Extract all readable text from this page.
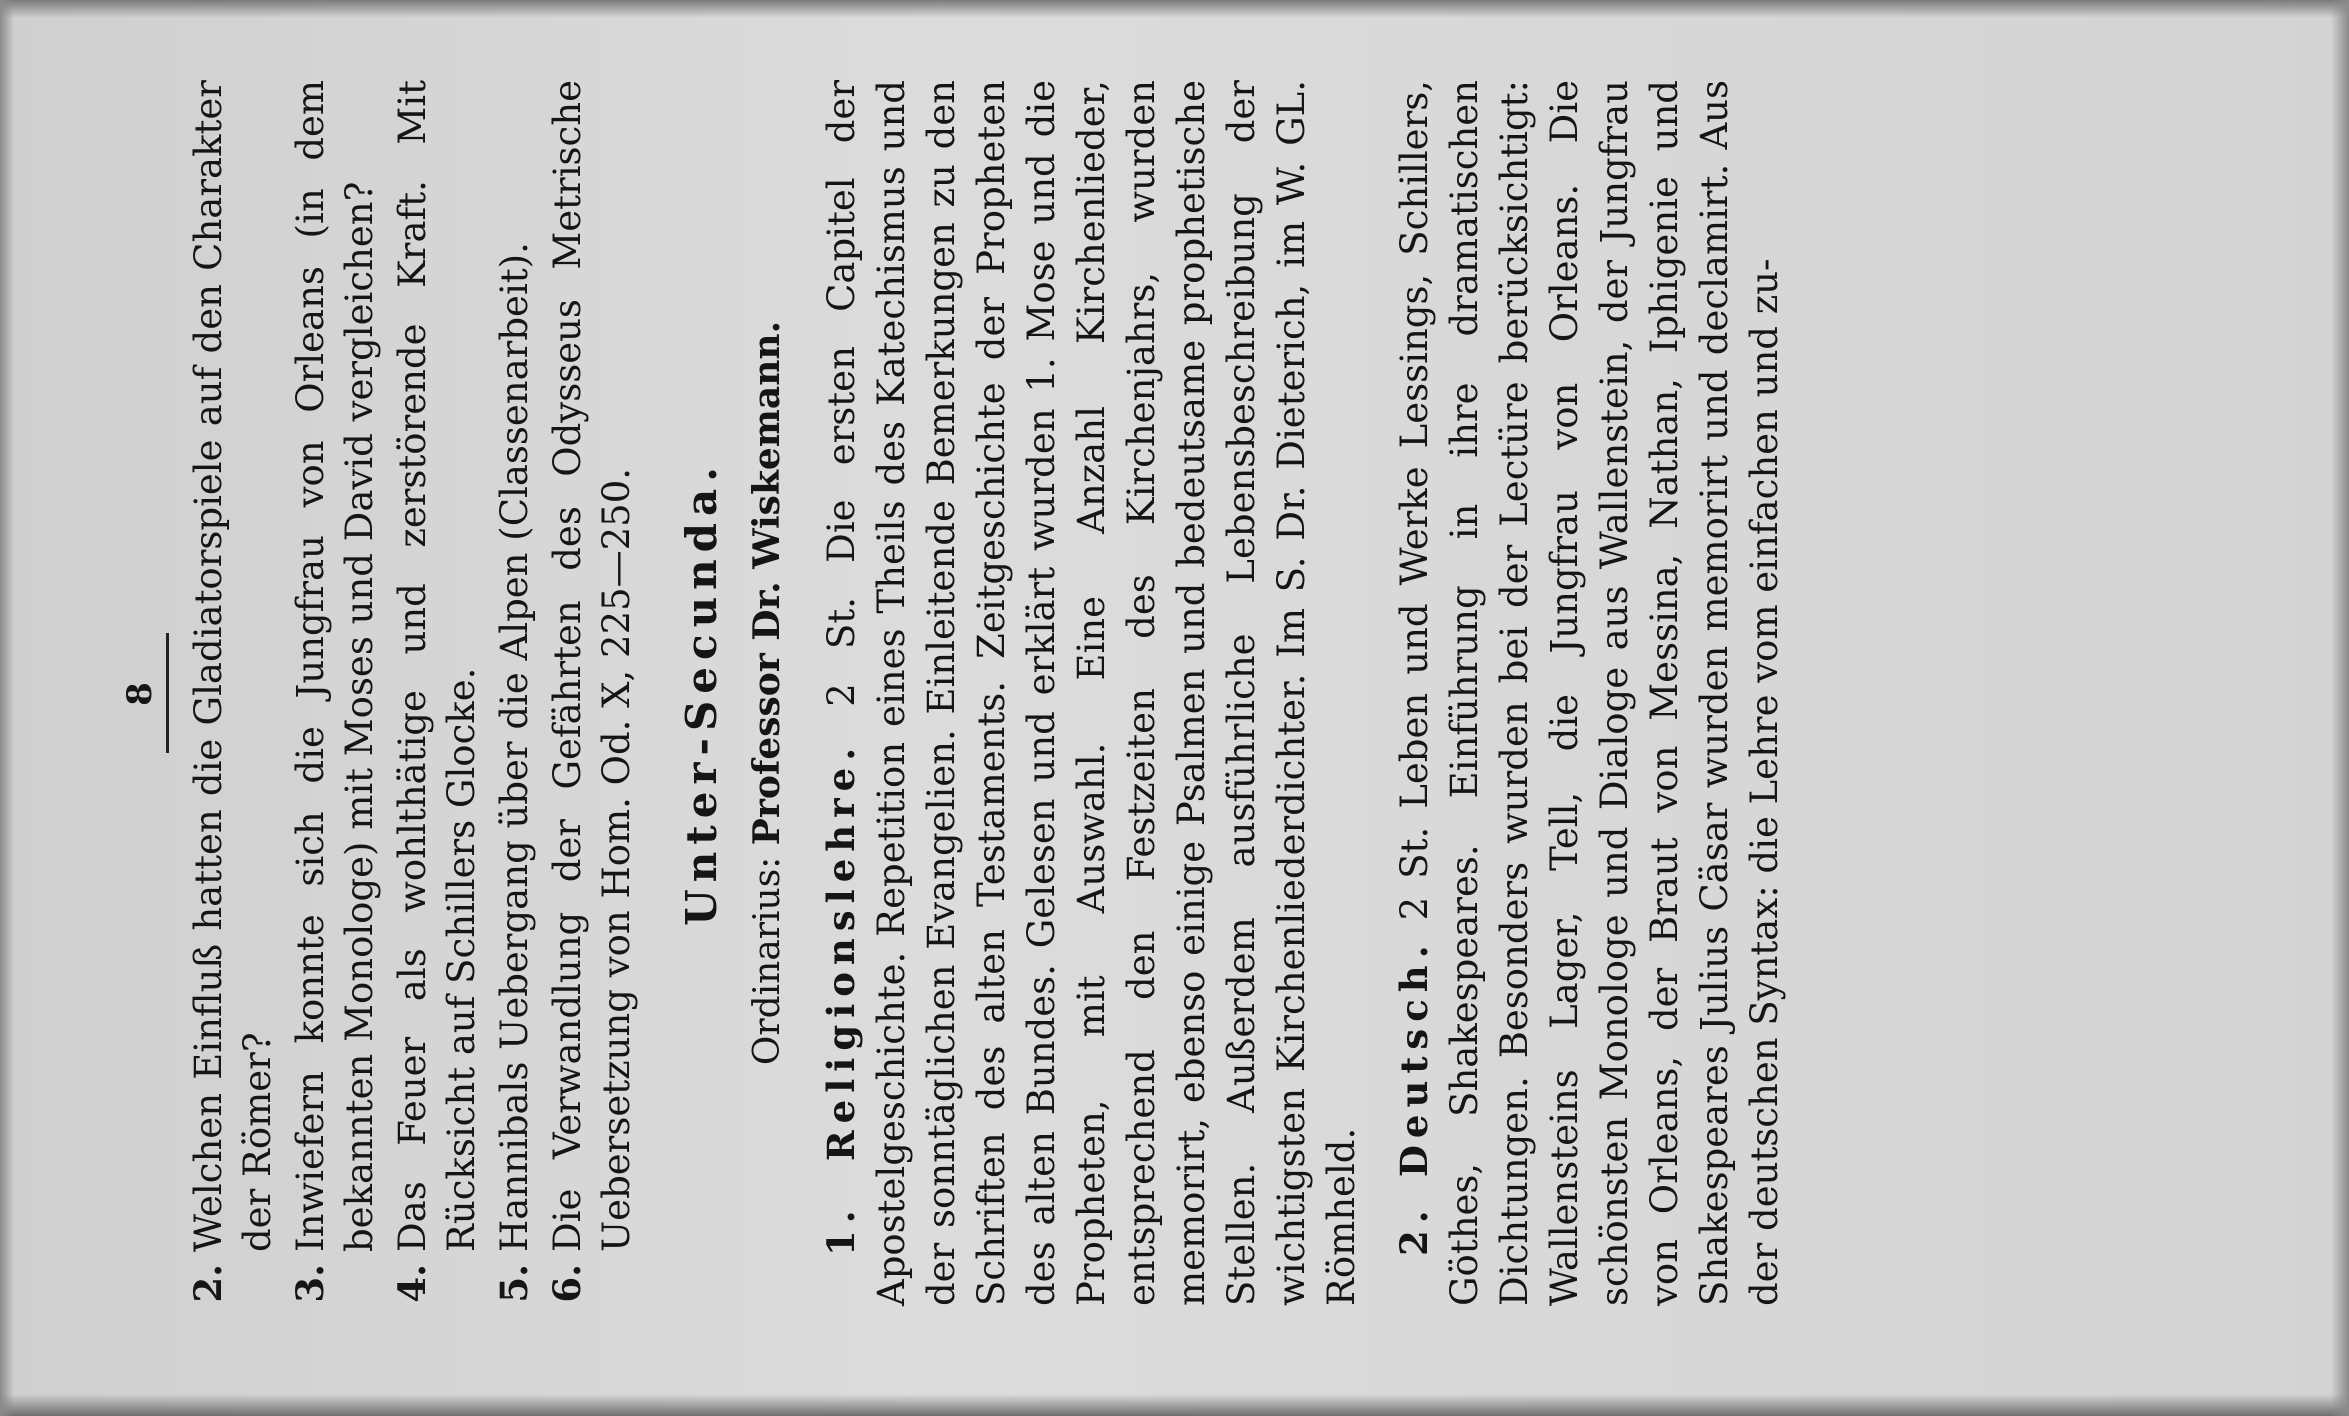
8
2.
Welchen Einfluß hatten die Gladiatorspiele auf den Charakter der Römer?
3.
Inwiefern konnte sich die Jungfrau von Orleans (in dem bekannten Monologe) mit Moses und David vergleichen?
4.
Das Feuer als wohlthätige und zerstörende Kraft. Mit Rücksicht auf Schillers Glocke.
5.
Hannibals Uebergang über die Alpen (Classenarbeit).
6.
Die Verwandlung der Gefährten des Odysseus Metrische Uebersetzung von Hom. Od. X, 225—250. Unter-Secunda.
Ordinarius: Professor Dr. Wiskemann.

1. Religionslehre. 2 St. Die ersten Capitel der Apostelgeschichte. Repetition eines Theils des Katechismus und der sonntäglichen Evangelien. Einleitende Bemerkungen zu den Schriften des alten Testaments. Zeitgeschichte der Propheten des alten Bundes. Gelesen und erklärt wurden 1. Mose und die Propheten, mit Auswahl. Eine Anzahl Kirchenlieder, entsprechend den Festzeiten des Kirchenjahrs, wurden memorirt, ebenso einige Psalmen und bedeutsame prophetische Stellen. Außerdem ausführliche Lebensbeschreibung der wichtigsten Kirchenliederdichter. Im S. Dr. Dieterich, im W. GL. Römheld. 2. Deutsch. 2 St. Leben und Werke Lessings, Schillers, Göthes, Shakespeares. Einführung in ihre dramatischen Dichtungen. Besonders wurden bei der Lectüre berücksichtigt: Wallensteins Lager, Tell, die Jungfrau von Orleans. Die schönsten Monologe und Dialoge aus Wallenstein, der Jungfrau von Orleans, der Braut von Messina, Nathan, Iphigenie und Shakespeares Julius Cäsar wurden memorirt und declamirt. Aus der deutschen Syntax: die Lehre vom einfachen und zu-
